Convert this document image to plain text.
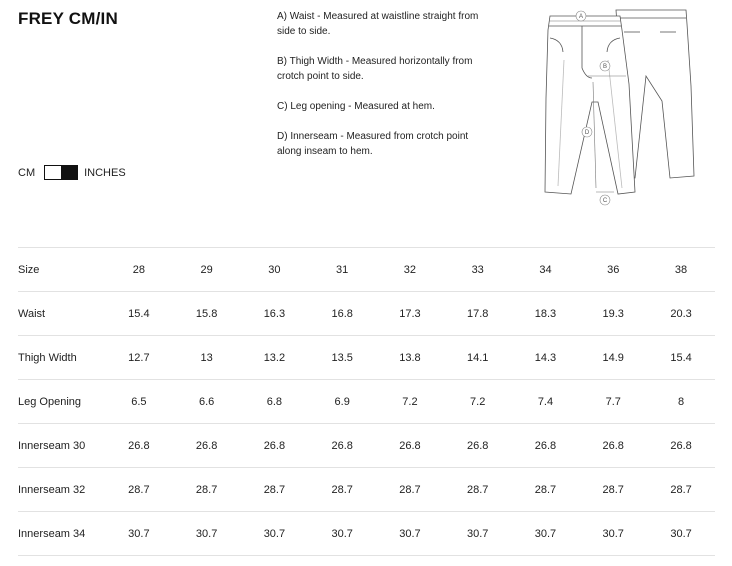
FREY CM/IN	A) Waist - Measured at waistline straight from side to side.

B) Thigh Width - Measured horizontally from crotch point to side.

C) Leg opening - Measured at hem.

D) Innerseam - Measured from crotch point along inseam to hem.

CM	INCHES
A
B
C
D
Size	28	29	30	31	32	33	34	36	38
Waist	15.4	15.8	16.3	16.8	17.3	17.8	18.3	19.3	20.3
Thigh Width	12.7	13	13.2	13.5	13.8	14.1	14.3	14.9	15.4
Leg Opening	6.5	6.6	6.8	6.9	7.2	7.2	7.4	7.7	8
Innerseam 30	26.8	26.8	26.8	26.8	26.8	26.8	26.8	26.8	26.8
Innerseam 32	28.7	28.7	28.7	28.7	28.7	28.7	28.7	28.7	28.7
Innerseam 34	30.7	30.7	30.7	30.7	30.7	30.7	30.7	30.7	30.7
